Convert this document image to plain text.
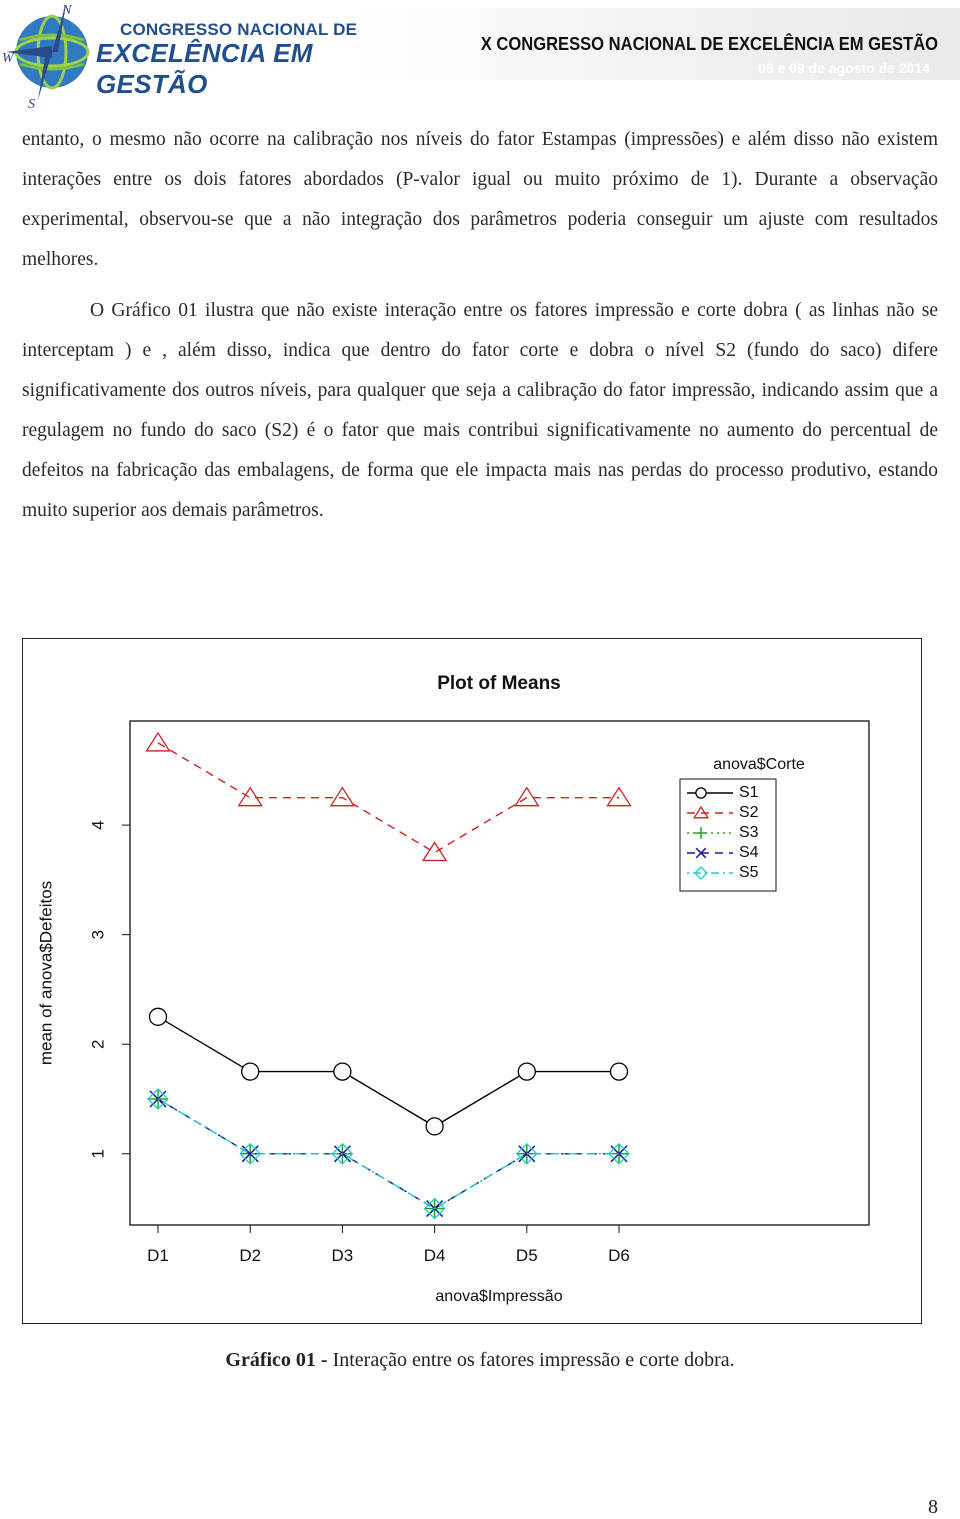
N
W
S
CONGRESSO NACIONAL DE
EXCELÊNCIA EM GESTÃO
X CONGRESSO NACIONAL DE EXCELÊNCIA EM GESTÃO
08 e 09 de agosto de 2014

entanto, o mesmo não ocorre na calibração nos níveis do fator Estampas (impressões) e além disso não existem interações entre os dois fatores abordados (P-valor igual ou muito próximo de 1). Durante a observação experimental, observou-se que a não integração dos parâmetros poderia conseguir um ajuste com resultados melhores.

O Gráfico 01 ilustra que não existe interação entre os fatores impressão e corte dobra ( as linhas não se interceptam ) e , além disso, indica que dentro do fator corte e dobra o nível S2 (fundo do saco) difere significativamente dos outros níveis, para qualquer que seja a calibração do fator impressão, indicando assim que a regulagem no fundo do saco (S2) é o fator que mais contribui significativamente no aumento do percentual de defeitos na fabricação das embalagens, de forma que ele impacta mais nas perdas do processo produtivo, estando muito superior aos demais parâmetros.

Plot of Means
1
2
3
4
mean of anova$Defeitos
D1	D2	D3	D4	D5	D6
anova$Impressão
anova$Corte
S1
S2
S3
S4
S5
Gráfico 01 - Interação entre os fatores impressão e corte dobra.
8
